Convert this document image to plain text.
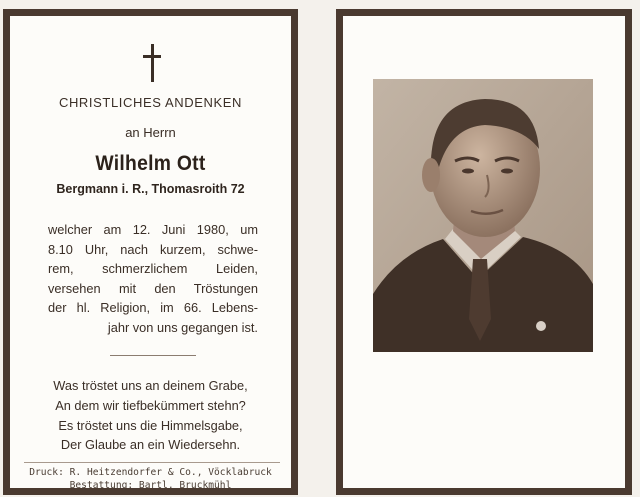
CHRISTLICHES ANDENKEN
an Herrn
Wilhelm Ott
Bergmann i. R., Thomasroith 72
welcher am 12. Juni 1980, um
8.10 Uhr, nach kurzem, schwe-
rem, schmerzlichem Leiden,
versehen mit den Tröstungen
der hl. Religion, im 66. Lebens-
jahr von uns gegangen ist.
Was tröstet uns an deinem Grabe,
An dem wir tiefbekümmert stehn?
Es tröstet uns die Himmelsgabe,
Der Glaube an ein Wiedersehn.
Druck: R. Heitzendorfer & Co., Vöcklabruck
Bestattung: Bartl, Bruckmühl
